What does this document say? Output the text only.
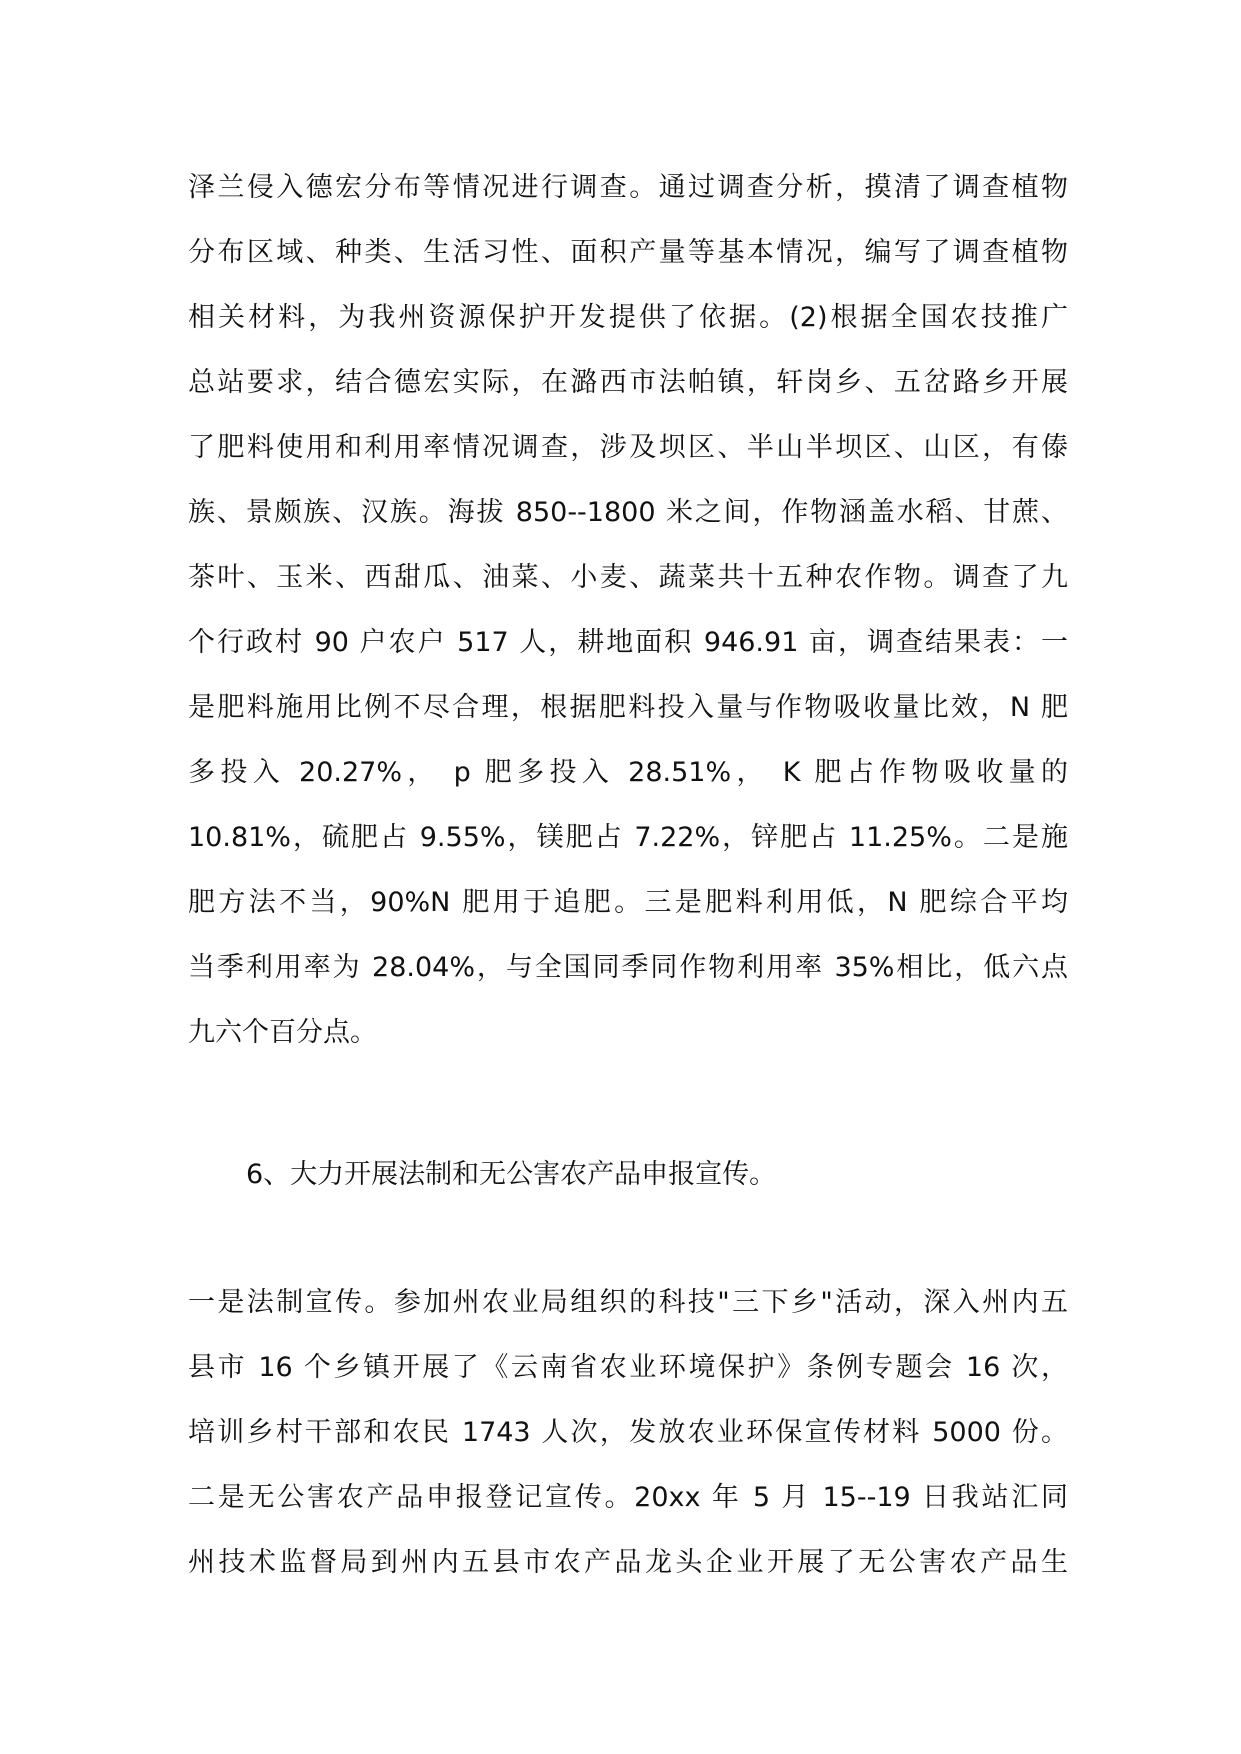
泽兰侵入德宏分布等情况进行调查。通过调查分析，摸清了调查植物
分布区域、种类、生活习性、面积产量等基本情况，编写了调查植物
相关材料，为我州资源保护开发提供了依据。(2)根据全国农技推广
总站要求，结合德宏实际，在潞西市法帕镇，轩岗乡、五岔路乡开展
了肥料使用和利用率情况调查，涉及坝区、半山半坝区、山区，有傣
族、景颇族、汉族。海拔 850--1800 米之间，作物涵盖水稻、甘蔗、
茶叶、玉米、西甜瓜、油菜、小麦、蔬菜共十五种农作物。调查了九
个行政村 90 户农户 517 人，耕地面积 946.91 亩，调查结果表：一
是肥料施用比例不尽合理，根据肥料投入量与作物吸收量比效，N 肥
多投入 20.27%， p 肥多投入 28.51%， K 肥占作物吸收量的
10.81%，硫肥占 9.55%，镁肥占 7.22%，锌肥占 11.25%。二是施
肥方法不当，90%N 肥用于追肥。三是肥料利用低，N 肥综合平均
当季利用率为 28.04%，与全国同季同作物利用率 35%相比，低六点
九六个百分点。
6、大力开展法制和无公害农产品申报宣传。
一是法制宣传。参加州农业局组织的科技"三下乡"活动，深入州内五
县市 16 个乡镇开展了《云南省农业环境保护》条例专题会 16 次，
培训乡村干部和农民 1743 人次，发放农业环保宣传材料 5000 份。
二是无公害农产品申报登记宣传。20xx 年 5 月 15--19 日我站汇同
州技术监督局到州内五县市农产品龙头企业开展了无公害农产品生
